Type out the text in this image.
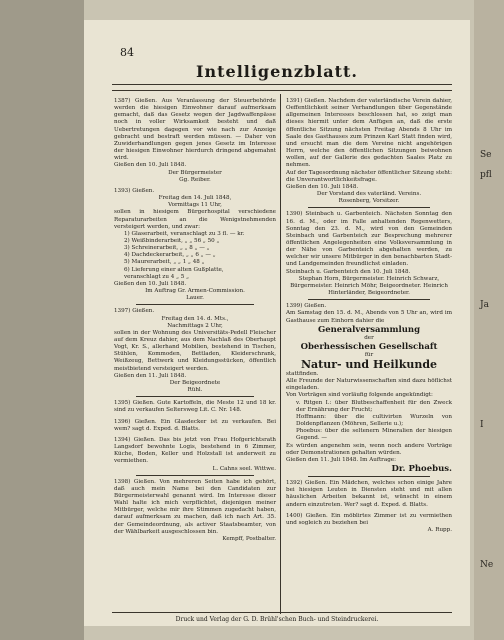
84
Intelligenzblatt.

1387) Gießen. Aus Veranlassung der Steuerbehörde werden die hiesigen Einwohner darauf aufmerksam gemacht, daß das Gesetz wegen der Jagdwaffenpässe noch in voller Wirksamkeit besteht und daß Uebertretungen dagegen vor wie nach zur Anzeige gebracht und bestraft werden müssen. — Daher von Zuwiderhandlungen gegen jenes Gesetz im Interesse der hiesigen Einwohner hierdurch dringend abgemahnt wird.

Gießen den 10. Juli 1848.

Der Bürgermeister

Gg. Reiber.

1393) Gießen.

Freitag den 14. Juli 1848,

Vormittags 11 Uhr,

sollen in hiesigem Bürgerhospital verschiedene Reparaturarbeiten an die Wenigstnehmenden versteigert werden, und zwar:

1) Glaserarbeit, veranschlagt zu 3 fl. — kr.

2) Weißbinderarbeit, „ „ 56 „ 50 „

3) Schreinerarbeit, „ „ 8 „ — „

4) Dachdeckerarbeit, „ „ 6 „ — „

5) Maurerarbeit, „ „ 1 „ 48 „

6) Lieferung einer alten Gußplatte,

veranschlagt zu 4 „ 5 „

Gießen den 10. Juli 1848.

Im Auftrag Gr. Armen-Commission.

Lauer.

1397) Gießen.

Freitag den 14. d. Mts.,

Nachmittags 2 Uhr,

sollen in der Wohnung des Universitäts-Pedell Fleischer auf dem Kreuz dahier, aus dem Nachlaß des Oberhaupt Vogt, Kr. S., allerhand Mobilien, bestehend in Tischen, Stühlen, Kommoden, Bettladen, Kleiderschrank, Weißzeug, Bettwerk und Kleidungsstücken, öffentlich meistbietend versteigert werden.

Gießen den 11. Juli 1848.

Der Beigeordnete

Rühl.

1395) Gießen. Gute Kartoffeln, die Meste 12 und 18 kr. sind zu verkaufen Seltersweg Lit. C. Nr. 148.

1396) Gießen. Ein Glasdecker ist zu verkaufen. Bei wem? sagt d. Exped. d. Blatts.

1394) Gießen. Das bis jetzt von Frau Hofgerichtsrath Langsdorf bewohnte Logis, bestehend in 6 Zimmer, Küche, Boden, Keller und Holzstall ist anderweit zu vermiethen.

L. Cahns seel. Wittwe.

1398) Gießen. Von mehreren Seiten habe ich gehört, daß auch mein Name bei den Candidaten zur Bürgermeisterwahl genannt wird. Im Interesse dieser Wahl halte ich mich verpflichtet, diejenigen meiner Mitbürger, welche mir ihre Stimmen zugedacht haben, darauf aufmerksam zu machen, daß ich nach Art. 35. der Gemeindeordnung, als activer Staatsbeamter, von der Wählbarkeit ausgeschlossen bin.

Kempff, Postbalter.

1391) Gießen. Nachdem der vaterländische Verein dahier, Oeffentlichkeit seiner Verhandlungen über Gegenstände allgemeinen Interesses beschlossen hat, so zeigt man dieses hiermit unter dem Anfügen an, daß die erste öffentliche Sitzung nächsten Freitag Abends 8 Uhr im Saale des Gasthauses zum Prinzen Karl Statt finden wird, und ersucht man die dem Vereine nicht angehörigen Herrn, welche den öffentlichen Sitzungen beiwohnen wollen, auf der Gallerie des gedachten Saales Platz zu nehmen.

Auf der Tagesordnung nächster öffentlicher Sitzung steht: die Unverantwortlichkeitsfrage.

Gießen den 10. Juli 1848.

Der Vorstand des vaterländ. Vereins.

Rosenberg, Vorsitzer.

1390) Steinbach u. Garbenteich. Nächsten Sonntag den 16. d. M., oder im Falle anhaltenden Regenwetters, Sonntag den 23. d. M., wird von den Gemeinden Steinbach und Garbenteich zur Besprechung mehrerer öffentlichen Angelegenheiten eine Volksversammlung in der Nähe von Garbenteich abgehalten werden, zu welcher wir unsere Mitbürger in den benachbarten Stadt- und Landgemeinden freundlichst einladen.

Steinbach u. Garbenteich den 10. Juli 1848.

Stephan Horn, Bürgermeister. Heinrich Schwarz, Bürgermeister. Heinrich Möhr, Beigeordneter. Heinrich Hinterländer, Beigeordneter.

1399) Gießen.

Am Samstag den 15. d. M., Abends von 5 Uhr an, wird im Gasthause zum Einhorn dahier die

Generalversammlung

der

Oberhessischen Gesellschaft

für

Natur- und Heilkunde

stattfinden.

Alle Freunde der Naturwissenschaften sind dazu höflichst eingeladen.

Von Vorträgen sind vorläufig folgende angekündigt:

v. Ritgen I.: über Blutbeschaffenheit für den Zweck der Ernährung der Frucht;

Hoffmann: über die cultivirten Wurzeln von Doldenpflanzen (Möhren, Sellerie u.);

Phoebus: über die seltenern Mineralien der hiesigen Gegend. —

Es würden angenehm sein, wenn noch andere Vorträge oder Demonstrationen gehalten würden.

Gießen den 11. Juli 1848. Im Auftrage:

Dr. Phoebus.

1392) Gießen. Ein Mädchen, welches schon einige Jahre bei hiesigen Leuten in Diensten steht und mit allen häuslichen Arbeiten bekannt ist, wünscht in einem andern einzutreten. Wer? sagt d. Exped. d. Blatts.

1400) Gießen. Ein möblirtes Zimmer ist zu vermiethen und sogleich zu beziehen bei

A. Rupp.

Druck und Verlag der G. D. Brühl'schen Buch- und Steindruckerei.
Se
pfl
Ja
I
Ne
